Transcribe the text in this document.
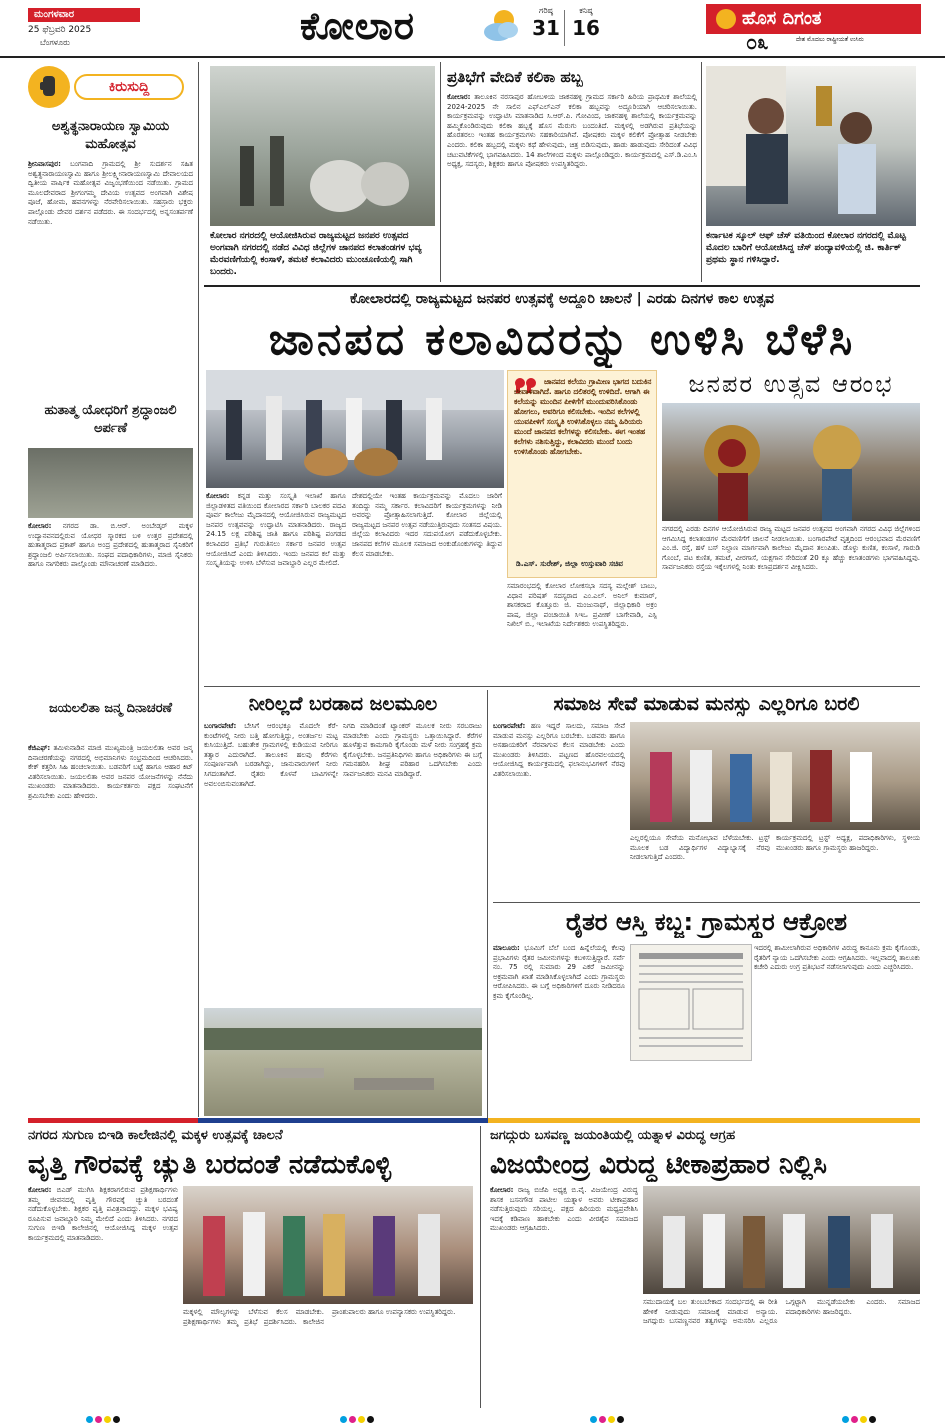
ಮಂಗಳವಾರ
25 ಫೆಬ್ರವರಿ 2025
ಬೆಂಗಳೂರು	ಕೋಲಾರ	ಗರಿಷ್ಠ
31
ಕನಿಷ್ಠ
16	ಹೊಸ ದಿಗಂತ
ದೇಶ ಮೊದಲು ರಾಷ್ಟ್ರೀಯತೆ ಉಸಿರು
೦೩
ಕಿರುಸುದ್ದಿ
ಅಶ್ವತ್ಥನಾರಾಯಣ ಸ್ವಾಮಿಯ ಮಹೋತ್ಸವ
ಶ್ರೀನಿವಾಸಪುರ: ಬಂಗವಾದಿ ಗ್ರಾಮದಲ್ಲಿ ಶ್ರೀ ಸುದರ್ಶನ ಸಹಿತ ಅಶ್ವತ್ಥನಾರಾಯಣಸ್ವಾಮಿ ಹಾಗೂ ಶ್ರೀಲಕ್ಷ್ಮೀನಾರಾಯಣಸ್ವಾಮಿ ದೇವಾಲಯದ ದ್ವಿತೀಯ ವಾರ್ಷಿಕ ಮಹೋತ್ಸವ ವಿಜೃಂಭಣೆಯಿಂದ ನಡೆಯಿತು. ಗ್ರಾಮದ ಮೂಲದೇವರಾದ ಶ್ರೀಗಂಗಮ್ಮ ದೇವಿಯ ಉತ್ಸವದ ಅಂಗವಾಗಿ ವಿಶೇಷ ಪೂಜೆ, ಹೋಮ, ಹವನಗಳನ್ನು ನೆರವೇರಿಸಲಾಯಿತು. ಸಹಸ್ರಾರು ಭಕ್ತರು ಪಾಲ್ಗೊಂಡು ದೇವರ ದರ್ಶನ ಪಡೆದರು. ಈ ಸಂದರ್ಭದಲ್ಲಿ ಅನ್ನಸಂತರ್ಪಣೆ ನಡೆಯಿತು.
ಹುತಾತ್ಮ ಯೋಧರಿಗೆ ಶ್ರದ್ಧಾಂಜಲಿ ಅರ್ಪಣೆ
ಕೋಲಾರ: ನಗರದ ಡಾ. ಬಿ.ಆರ್. ಅಂಬೇಡ್ಕರ್ ಮಕ್ಕಳ ಉದ್ಯಾನವನದಲ್ಲಿರುವ ಯೋಧರ ಸ್ಮಾರಕದ ಬಳಿ ಉತ್ತರ ಪ್ರದೇಶದಲ್ಲಿ ಹುತಾತ್ಮರಾದ ಪ್ರಕಾಶ್ ಹಾಗೂ ಅಂದ್ರ ಪ್ರದೇಶದಲ್ಲಿ ಹುತಾತ್ಮರಾದ ಸೈನಿಕರಿಗೆ ಶ್ರದ್ಧಾಂಜಲಿ ಅರ್ಪಿಸಲಾಯಿತು. ಸಂಘದ ಪದಾಧಿಕಾರಿಗಳು, ಮಾಜಿ ಸೈನಿಕರು ಹಾಗೂ ನಾಗರಿಕರು ಪಾಲ್ಗೊಂಡು ಮೌನಾಚರಣೆ ಮಾಡಿದರು.
ಜಯಲಲಿತಾ ಜನ್ಮ ದಿನಾಚರಣೆ
ಕೆಜಿಎಫ್: ತಮಿಳುನಾಡಿನ ಮಾಜಿ ಮುಖ್ಯಮಂತ್ರಿ ಜಯಲಲಿತಾ ಅವರ ಜನ್ಮ ದಿನಾಚರಣೆಯನ್ನು ನಗರದಲ್ಲಿ ಅಭಿಮಾನಿಗಳು ಸಂಭ್ರಮದಿಂದ ಆಚರಿಸಿದರು. ಕೇಕ್ ಕತ್ತರಿಸಿ ಸಿಹಿ ಹಂಚಲಾಯಿತು. ಬಡವರಿಗೆ ಬಟ್ಟೆ ಹಾಗೂ ಆಹಾರ ಕಿಟ್ ವಿತರಿಸಲಾಯಿತು. ಜಯಲಲಿತಾ ಅವರ ಜನಪರ ಯೋಜನೆಗಳನ್ನು ನೆನೆದು ಮುಖಂಡರು ಮಾತನಾಡಿದರು. ಕಾರ್ಯಕರ್ತರು ಪಕ್ಷದ ಸಂಘಟನೆಗೆ ಶ್ರಮಿಸಬೇಕು ಎಂದು ಹೇಳಿದರು.
ಕೋಲಾರ ನಗರದಲ್ಲಿ ಆಯೋಜಿಸಿರುವ ರಾಜ್ಯಮಟ್ಟದ ಜನಪರ ಉತ್ಸವದ ಅಂಗವಾಗಿ ನಗರದಲ್ಲಿ ನಡೆದ ವಿವಿಧ ಜಿಲ್ಲೆಗಳ ಜಾನಪದ ಕಲಾತಂಡಗಳ ಭವ್ಯ ಮೆರವಣಿಗೆಯಲ್ಲಿ ಕಂಸಾಳೆ, ತಮಟೆ ಕಲಾವಿದರು ಮುಂಚೂಣಿಯಲ್ಲಿ ಸಾಗಿ ಬಂದರು.
ಪ್ರತಿಭೆಗೆ ವೇದಿಕೆ ಕಲಿಕಾ ಹಬ್ಬ
ಕೋಲಾರ: ತಾಲೂಕಿನ ನರಸಾಪುರ ಹೋಬಳಿಯ ಜಾಕನಹಳ್ಳಿ ಗ್ರಾಮದ ಸರ್ಕಾರಿ ಹಿರಿಯ ಪ್ರಾಥಮಿಕ ಶಾಲೆಯಲ್ಲಿ 2024-2025 ನೇ ಸಾಲಿನ ಎಫ್‌ಎಲ್‌ಎನ್ ಕಲಿಕಾ ಹಬ್ಬವನ್ನು ಅದ್ದೂರಿಯಾಗಿ ಆಚರಿಸಲಾಯಿತು. ಕಾರ್ಯಕ್ರಮವನ್ನು ಉದ್ಘಾಟಿಸಿ ಮಾತನಾಡಿದ ಸಿ.ಆರ್.ಪಿ. ಗೋವಿಂದ, ಜಾಕನಹಳ್ಳಿ ಶಾಲೆಯಲ್ಲಿ ಕಾರ್ಯಕ್ರಮವನ್ನು ಹಮ್ಮಿಕೊಂಡಿರುವುದು ಕಲಿಕಾ ಹಬ್ಬಕ್ಕೆ ಹೊಸ ಮೆರುಗು ಬಂದಂತಿದೆ. ಮಕ್ಕಳಲ್ಲಿ ಅಡಗಿರುವ ಪ್ರತಿಭೆಯನ್ನು ಹೊರತರಲು ಇಂತಹ ಕಾರ್ಯಕ್ರಮಗಳು ಸಹಕಾರಿಯಾಗಿವೆ. ಪೋಷಕರು ಮಕ್ಕಳ ಕಲಿಕೆಗೆ ಪ್ರೋತ್ಸಾಹ ನೀಡಬೇಕು ಎಂದರು. ಕಲಿಕಾ ಹಬ್ಬದಲ್ಲಿ ಮಕ್ಕಳು ಕಥೆ ಹೇಳುವುದು, ಚಿತ್ರ ಬಿಡಿಸುವುದು, ಹಾಡು ಹಾಡುವುದು ಸೇರಿದಂತೆ ವಿವಿಧ ಚಟುವಟಿಕೆಗಳಲ್ಲಿ ಭಾಗವಹಿಸಿದರು. 14 ಶಾಲೆಗಳಿಂದ ಮಕ್ಕಳು ಪಾಲ್ಗೊಂಡಿದ್ದರು. ಕಾರ್ಯಕ್ರಮದಲ್ಲಿ ಎಸ್.ಡಿ.ಎಂ.ಸಿ ಅಧ್ಯಕ್ಷ, ಸದಸ್ಯರು, ಶಿಕ್ಷಕರು ಹಾಗೂ ಪೋಷಕರು ಉಪಸ್ಥಿತರಿದ್ದರು.
ಕರ್ನಾಟಕ ಸ್ಕೂಲ್ ಆಫ್ ಚೆಸ್ ವತಿಯಿಂದ ಕೋಲಾರ ನಗರದಲ್ಲಿ ಮೊಟ್ಟ ಮೊದಲ ಬಾರಿಗೆ ಆಯೋಜಿಸಿದ್ದ ಚೆಸ್ ಪಂದ್ಯಾವಳಿಯಲ್ಲಿ ಜಿ. ಕಾರ್ತಿಕ್ ಪ್ರಥಮ ಸ್ಥಾನ ಗಳಿಸಿದ್ದಾರೆ.
ಕೋಲಾರದಲ್ಲಿ ರಾಜ್ಯಮಟ್ಟದ ಜನಪರ ಉತ್ಸವಕ್ಕೆ ಅದ್ದೂರಿ ಚಾಲನೆ | ಎರಡು ದಿನಗಳ ಕಾಲ ಉತ್ಸವ
ಜಾನಪದ ಕಲಾವಿದರನ್ನು ಉಳಿಸಿ ಬೆಳೆಸಿ
ಜಾನಪದ ಕಲೆಯು ಗ್ರಾಮೀಣ ಭಾಗದ ಬದುಕಿನ ಜೀವಾಳವಾಗಿದೆ. ಹಾಗೂ ದಲಿತರಲ್ಲಿ ಉಳಿದಿದೆ. ಆಗಾಗಿ ಈ ಕಲೆಯನ್ನು ಮುಂದಿನ ಪೀಳಿಗೆಗೆ ಮುಂದುವರಿಸಿಕೊಂಡು ಹೋಗಲು, ಅವರಿಗೂ ಕಲಿಸಬೇಕು. ಇಂದಿನ ಕಲೆಗಳಲ್ಲಿ ಯುವಪೀಳಿಗೆ ಸಂಸ್ಕೃತಿ ಉಳಿಸಿಕೊಳ್ಳಲು ನಮ್ಮ ಹಿರಿಯರು ಮುಂದೆ ಜಾನಪದ ಕಲೆಗಳನ್ನು ಕಲಿಸಬೇಕು. ಈಗ ಇಂತಹ ಕಲೆಗಳು ನಶಿಸುತ್ತಿದ್ದು, ಕಲಾವಿದರು ಮುಂದೆ ಬಂದು ಉಳಿಸಿಕೊಂಡು ಹೋಗಬೇಕು.
ಡಿ.ಎಸ್. ಸುರೇಶ್, ಜಿಲ್ಲಾ ಉಸ್ತುವಾರಿ ಸಚಿವ
ಜನಪರ ಉತ್ಸವ ಆರಂಭ
ಕೋಲಾರ: ಕನ್ನಡ ಮತ್ತು ಸಂಸ್ಕೃತಿ ಇಲಾಖೆ ಹಾಗೂ ಜಿಲ್ಲಾಡಳಿತದ ವತಿಯಿಂದ ಕೋಲಾರದ ಸರ್ಕಾರಿ ಬಾಲಕರ ಪದವಿ ಪೂರ್ವ ಕಾಲೇಜು ಮೈದಾನದಲ್ಲಿ ಆಯೋಜಿಸಿರುವ ರಾಜ್ಯಮಟ್ಟದ ಜನಪರ ಉತ್ಸವವನ್ನು ಉದ್ಘಾಟಿಸಿ ಮಾತನಾಡಿದರು. ರಾಜ್ಯದ 24.15 ಲಕ್ಷ ಪರಿಶಿಷ್ಟ ಜಾತಿ ಹಾಗೂ ಪರಿಶಿಷ್ಟ ಪಂಗಡದ ಕಲಾವಿದರ ಪ್ರತಿಭೆ ಗುರುತಿಸಲು ಸರ್ಕಾರ ಜನಪರ ಉತ್ಸವ ಆಯೋಜಿಸಿದೆ ಎಂದು ತಿಳಿಸಿದರು. ಇಂದು ಜನಪದ ಕಲೆ ಮತ್ತು ಸಂಸ್ಕೃತಿಯನ್ನು ಉಳಿಸಿ ಬೆಳೆಸುವ ಜವಾಬ್ದಾರಿ ಎಲ್ಲರ ಮೇಲಿದೆ.
ದೇಶದಲ್ಲಿಯೇ ಇಂತಹ ಕಾರ್ಯಕ್ರಮವನ್ನು ಮೊದಲು ಜಾರಿಗೆ ತಂದಿದ್ದು ನಮ್ಮ ಸರ್ಕಾರ. ಕಲಾವಿದರಿಗೆ ಕಾರ್ಯಕ್ರಮಗಳನ್ನು ನೀಡಿ ಅವರನ್ನು ಪ್ರೋತ್ಸಾಹಿಸಲಾಗುತ್ತಿದೆ. ಕೋಲಾರ ಜಿಲ್ಲೆಯಲ್ಲಿ ರಾಜ್ಯಮಟ್ಟದ ಜನಪರ ಉತ್ಸವ ನಡೆಯುತ್ತಿರುವುದು ಸಂತಸದ ವಿಷಯ. ಜಿಲ್ಲೆಯ ಕಲಾವಿದರು ಇದರ ಸದುಪಯೋಗ ಪಡೆದುಕೊಳ್ಳಬೇಕು. ಜಾನಪದ ಕಲೆಗಳ ಮೂಲಕ ಸಮಾಜದ ಅಂಕುಡೊಂಕುಗಳನ್ನು ತಿದ್ದುವ ಕೆಲಸ ಮಾಡಬೇಕು.
ಸಮಾರಂಭದಲ್ಲಿ ಕೋಲಾರ ಲೋಕಸಭಾ ಸದಸ್ಯ ಮಲ್ಲೇಶ್ ಬಾಬು, ವಿಧಾನ ಪರಿಷತ್ ಸದಸ್ಯರಾದ ಎಂ.ಎಲ್. ಅನಿಲ್ ಕುಮಾರ್, ಶಾಸಕರಾದ ಕೊತ್ತೂರು ಜಿ. ಮಂಜುನಾಥ್, ಜಿಲ್ಲಾಧಿಕಾರಿ ಅಕ್ರಂ ಪಾಷ, ಜಿಲ್ಲಾ ಪಂಚಾಯಿತಿ ಸಿಇಒ ಪ್ರವೀಣ್ ಬಾಗೇವಾಡಿ, ಎಸ್ಪಿ ನಿಖಿಲ್ ಬಿ., ಇಲಾಖೆಯ ನಿರ್ದೇಶಕರು ಉಪಸ್ಥಿತರಿದ್ದರು.
ನಗರದಲ್ಲಿ ಎರಡು ದಿನಗಳ ಆಯೋಜಿಸಿರುವ ರಾಜ್ಯ ಮಟ್ಟದ ಜನಪರ ಉತ್ಸವದ ಅಂಗವಾಗಿ ನಗರದ ವಿವಿಧ ಜಿಲ್ಲೆಗಳಿಂದ ಆಗಮಿಸಿದ್ದ ಕಲಾತಂಡಗಳ ಮೆರವಣಿಗೆಗೆ ಚಾಲನೆ ನೀಡಲಾಯಿತು. ಬಂಗಾರಪೇಟೆ ವೃತ್ತದಿಂದ ಆರಂಭವಾದ ಮೆರವಣಿಗೆ ಎಂ.ಜಿ. ರಸ್ತೆ, ಹಳೆ ಬಸ್ ನಿಲ್ದಾಣ ಮಾರ್ಗವಾಗಿ ಕಾಲೇಜು ಮೈದಾನ ತಲುಪಿತು. ಡೊಳ್ಳು ಕುಣಿತ, ಕಂಸಾಳೆ, ಗಾರುಡಿ ಗೊಂಬೆ, ಪಟ ಕುಣಿತ, ತಮಟೆ, ವೀರಗಾಸೆ, ಯಕ್ಷಗಾನ ಸೇರಿದಂತೆ 20 ಕ್ಕೂ ಹೆಚ್ಚು ಕಲಾತಂಡಗಳು ಭಾಗವಹಿಸಿದ್ದವು. ಸಾರ್ವಜನಿಕರು ರಸ್ತೆಯ ಇಕ್ಕೆಲಗಳಲ್ಲಿ ನಿಂತು ಕಲಾಪ್ರದರ್ಶನ ವೀಕ್ಷಿಸಿದರು.
ನೀರಿಲ್ಲದೆ ಬರಡಾದ ಜಲಮೂಲ
ಬಂಗಾರಪೇಟೆ: ಬೇಸಿಗೆ ಆರಂಭಕ್ಕೂ ಮೊದಲೇ ಕೆರೆ-ಕುಂಟೆಗಳಲ್ಲಿ ನೀರು ಬತ್ತಿ ಹೋಗುತ್ತಿದ್ದು, ಅಂತರ್ಜಲ ಮಟ್ಟ ಕುಸಿಯುತ್ತಿದೆ. ಬಹುತೇಕ ಗ್ರಾಮಗಳಲ್ಲಿ ಕುಡಿಯುವ ನೀರಿಗೂ ತತ್ವಾರ ಎದುರಾಗಿದೆ. ತಾಲೂಕಿನ ಹಲವು ಕೆರೆಗಳು ಸಂಪೂರ್ಣವಾಗಿ ಬರಡಾಗಿದ್ದು, ಜಾನುವಾರುಗಳಿಗೆ ನೀರು ಸಿಗದಂತಾಗಿದೆ. ರೈತರು ಕೊಳವೆ ಬಾವಿಗಳನ್ನೇ ಅವಲಂಬಿಸುವಂತಾಗಿದೆ.
ನಿಗದಿ ಮಾಡಿದಂತೆ ಟ್ಯಾಂಕರ್ ಮೂಲಕ ನೀರು ಸರಬರಾಜು ಮಾಡಬೇಕು ಎಂದು ಗ್ರಾಮಸ್ಥರು ಒತ್ತಾಯಿಸಿದ್ದಾರೆ. ಕೆರೆಗಳ ಹೂಳೆತ್ತುವ ಕಾಮಗಾರಿ ಕೈಗೊಂಡು ಮಳೆ ನೀರು ಸಂಗ್ರಹಕ್ಕೆ ಕ್ರಮ ಕೈಗೊಳ್ಳಬೇಕು. ಜನಪ್ರತಿನಿಧಿಗಳು ಹಾಗೂ ಅಧಿಕಾರಿಗಳು ಈ ಬಗ್ಗೆ ಗಮನಹರಿಸಿ ಶೀಘ್ರ ಪರಿಹಾರ ಒದಗಿಸಬೇಕು ಎಂದು ಸಾರ್ವಜನಿಕರು ಮನವಿ ಮಾಡಿದ್ದಾರೆ.
ಸಮಾಜ ಸೇವೆ ಮಾಡುವ ಮನಸ್ಸು ಎಲ್ಲರಿಗೂ ಬರಲಿ
ಬಂಗಾರಪೇಟೆ: ಹಣ ಇದ್ದರೆ ಸಾಲದು, ಸಮಾಜ ಸೇವೆ ಮಾಡುವ ಮನಸ್ಸು ಎಲ್ಲರಿಗೂ ಬರಬೇಕು. ಬಡವರು ಹಾಗೂ ಅಸಹಾಯಕರಿಗೆ ನೆರವಾಗುವ ಕೆಲಸ ಮಾಡಬೇಕು ಎಂದು ಮುಖಂಡರು ತಿಳಿಸಿದರು. ಪಟ್ಟಣದ ಹೊರವಲಯದಲ್ಲಿ ಆಯೋಜಿಸಿದ್ದ ಕಾರ್ಯಕ್ರಮದಲ್ಲಿ ಫಲಾನುಭವಿಗಳಿಗೆ ನೆರವು ವಿತರಿಸಲಾಯಿತು.
ಎಲ್ಲರಲ್ಲಿಯೂ ಸೇವೆಯ ಮನೋಭಾವ ಬೆಳೆಯಬೇಕು. ಟ್ರಸ್ಟ್ ಮೂಲಕ ಬಡ ವಿದ್ಯಾರ್ಥಿಗಳ ವಿದ್ಯಾಭ್ಯಾಸಕ್ಕೆ ನೆರವು ನೀಡಲಾಗುತ್ತಿದೆ ಎಂದರು.
ಕಾರ್ಯಕ್ರಮದಲ್ಲಿ ಟ್ರಸ್ಟ್ ಅಧ್ಯಕ್ಷ, ಪದಾಧಿಕಾರಿಗಳು, ಸ್ಥಳೀಯ ಮುಖಂಡರು ಹಾಗೂ ಗ್ರಾಮಸ್ಥರು ಹಾಜರಿದ್ದರು.
ರೈತರ ಆಸ್ತಿ ಕಬ್ಜ: ಗ್ರಾಮಸ್ಥರ ಆಕ್ರೋಶ
ಮಾಲೂರು: ಭೂಮಿಗೆ ಬೆಲೆ ಬಂದ ಹಿನ್ನೆಲೆಯಲ್ಲಿ ಕೆಲವು ಪ್ರಭಾವಿಗಳು ರೈತರ ಜಮೀನುಗಳನ್ನು ಕಬಳಿಸುತ್ತಿದ್ದಾರೆ. ಸರ್ವೆ ನಂ. 75 ರಲ್ಲಿ ಸುಮಾರು 29 ಎಕರೆ ಜಮೀನನ್ನು ಅಕ್ರಮವಾಗಿ ಖಾತೆ ಮಾಡಿಸಿಕೊಳ್ಳಲಾಗಿದೆ ಎಂದು ಗ್ರಾಮಸ್ಥರು ಆರೋಪಿಸಿದರು. ಈ ಬಗ್ಗೆ ಅಧಿಕಾರಿಗಳಿಗೆ ದೂರು ನೀಡಿದರೂ ಕ್ರಮ ಕೈಗೊಂಡಿಲ್ಲ.
ಇದರಲ್ಲಿ ಶಾಮೀಲಾಗಿರುವ ಅಧಿಕಾರಿಗಳ ವಿರುದ್ಧ ಕಾನೂನು ಕ್ರಮ ಕೈಗೊಂಡು, ರೈತರಿಗೆ ನ್ಯಾಯ ಒದಗಿಸಬೇಕು ಎಂದು ಆಗ್ರಹಿಸಿದರು. ಇಲ್ಲವಾದಲ್ಲಿ ತಾಲೂಕು ಕಚೇರಿ ಎದುರು ಉಗ್ರ ಪ್ರತಿಭಟನೆ ನಡೆಸಲಾಗುವುದು ಎಂದು ಎಚ್ಚರಿಸಿದರು.
ನಗರದ ಸುಗುಣ ಬಿಇಡಿ ಕಾಲೇಜಿನಲ್ಲಿ ಮಕ್ಕಳ ಉತ್ಸವಕ್ಕೆ ಚಾಲನೆ
ವೃತ್ತಿ ಗೌರವಕ್ಕೆ ಚ್ಯುತಿ ಬರದಂತೆ ನಡೆದುಕೊಳ್ಳಿ
ಕೋಲಾರ: ಬಿಎಡ್ ಮುಗಿಸಿ ಶಿಕ್ಷಕರಾಗಲಿರುವ ಪ್ರಶಿಕ್ಷಣಾರ್ಥಿಗಳು ತಮ್ಮ ಜೀವನದಲ್ಲಿ ವೃತ್ತಿ ಗೌರವಕ್ಕೆ ಚ್ಯುತಿ ಬರದಂತೆ ನಡೆದುಕೊಳ್ಳಬೇಕು. ಶಿಕ್ಷಕರ ವೃತ್ತಿ ಪವಿತ್ರವಾದದ್ದು. ಮಕ್ಕಳ ಭವಿಷ್ಯ ರೂಪಿಸುವ ಜವಾಬ್ದಾರಿ ನಿಮ್ಮ ಮೇಲಿದೆ ಎಂದು ತಿಳಿಸಿದರು. ನಗರದ ಸುಗುಣ ಬಿಇಡಿ ಕಾಲೇಜಿನಲ್ಲಿ ಆಯೋಜಿಸಿದ್ದ ಮಕ್ಕಳ ಉತ್ಸವ ಕಾರ್ಯಕ್ರಮದಲ್ಲಿ ಮಾತನಾಡಿದರು.
ಮಕ್ಕಳಲ್ಲಿ ಮೌಲ್ಯಗಳನ್ನು ಬೆಳೆಸುವ ಕೆಲಸ ಮಾಡಬೇಕು. ಪ್ರಶಿಕ್ಷಣಾರ್ಥಿಗಳು ತಮ್ಮ ಪ್ರತಿಭೆ ಪ್ರದರ್ಶಿಸಿದರು. ಕಾಲೇಜಿನ ಪ್ರಾಂಶುಪಾಲರು ಹಾಗೂ ಉಪನ್ಯಾಸಕರು ಉಪಸ್ಥಿತರಿದ್ದರು.
ಜಗದ್ಗುರು ಬಸವಣ್ಣ ಜಯಂತಿಯಲ್ಲಿ ಯತ್ನಾಳ ವಿರುದ್ಧ ಆಗ್ರಹ
ವಿಜಯೇಂದ್ರ ವಿರುದ್ಧ ಟೀಕಾಪ್ರಹಾರ ನಿಲ್ಲಿಸಿ
ಕೋಲಾರ: ರಾಜ್ಯ ಬಿಜೆಪಿ ಅಧ್ಯಕ್ಷ ಬಿ.ವೈ. ವಿಜಯೇಂದ್ರ ವಿರುದ್ಧ ಶಾಸಕ ಬಸನಗೌಡ ಪಾಟೀಲ ಯತ್ನಾಳ ಅವರು ಟೀಕಾಪ್ರಹಾರ ನಡೆಸುತ್ತಿರುವುದು ಸರಿಯಲ್ಲ. ಪಕ್ಷದ ಹಿರಿಯರು ಮಧ್ಯಪ್ರವೇಶಿಸಿ ಇದಕ್ಕೆ ಕಡಿವಾಣ ಹಾಕಬೇಕು ಎಂದು ವೀರಶೈವ ಸಮಾಜದ ಮುಖಂಡರು ಆಗ್ರಹಿಸಿದರು.
ಸಮುದಾಯಕ್ಕೆ ಬಲ ತುಂಬಬೇಕಾದ ಸಂದರ್ಭದಲ್ಲಿ ಈ ರೀತಿ ಹೇಳಿಕೆ ನೀಡುವುದು ಸಮಾಜಕ್ಕೆ ಮಾಡುವ ಅನ್ಯಾಯ. ಜಗದ್ಗುರು ಬಸವಣ್ಣನವರ ತತ್ವಗಳನ್ನು ಅನುಸರಿಸಿ ಎಲ್ಲರೂ ಒಗ್ಗಟ್ಟಾಗಿ ಮುನ್ನಡೆಯಬೇಕು ಎಂದರು. ಸಮಾಜದ ಪದಾಧಿಕಾರಿಗಳು ಹಾಜರಿದ್ದರು.
